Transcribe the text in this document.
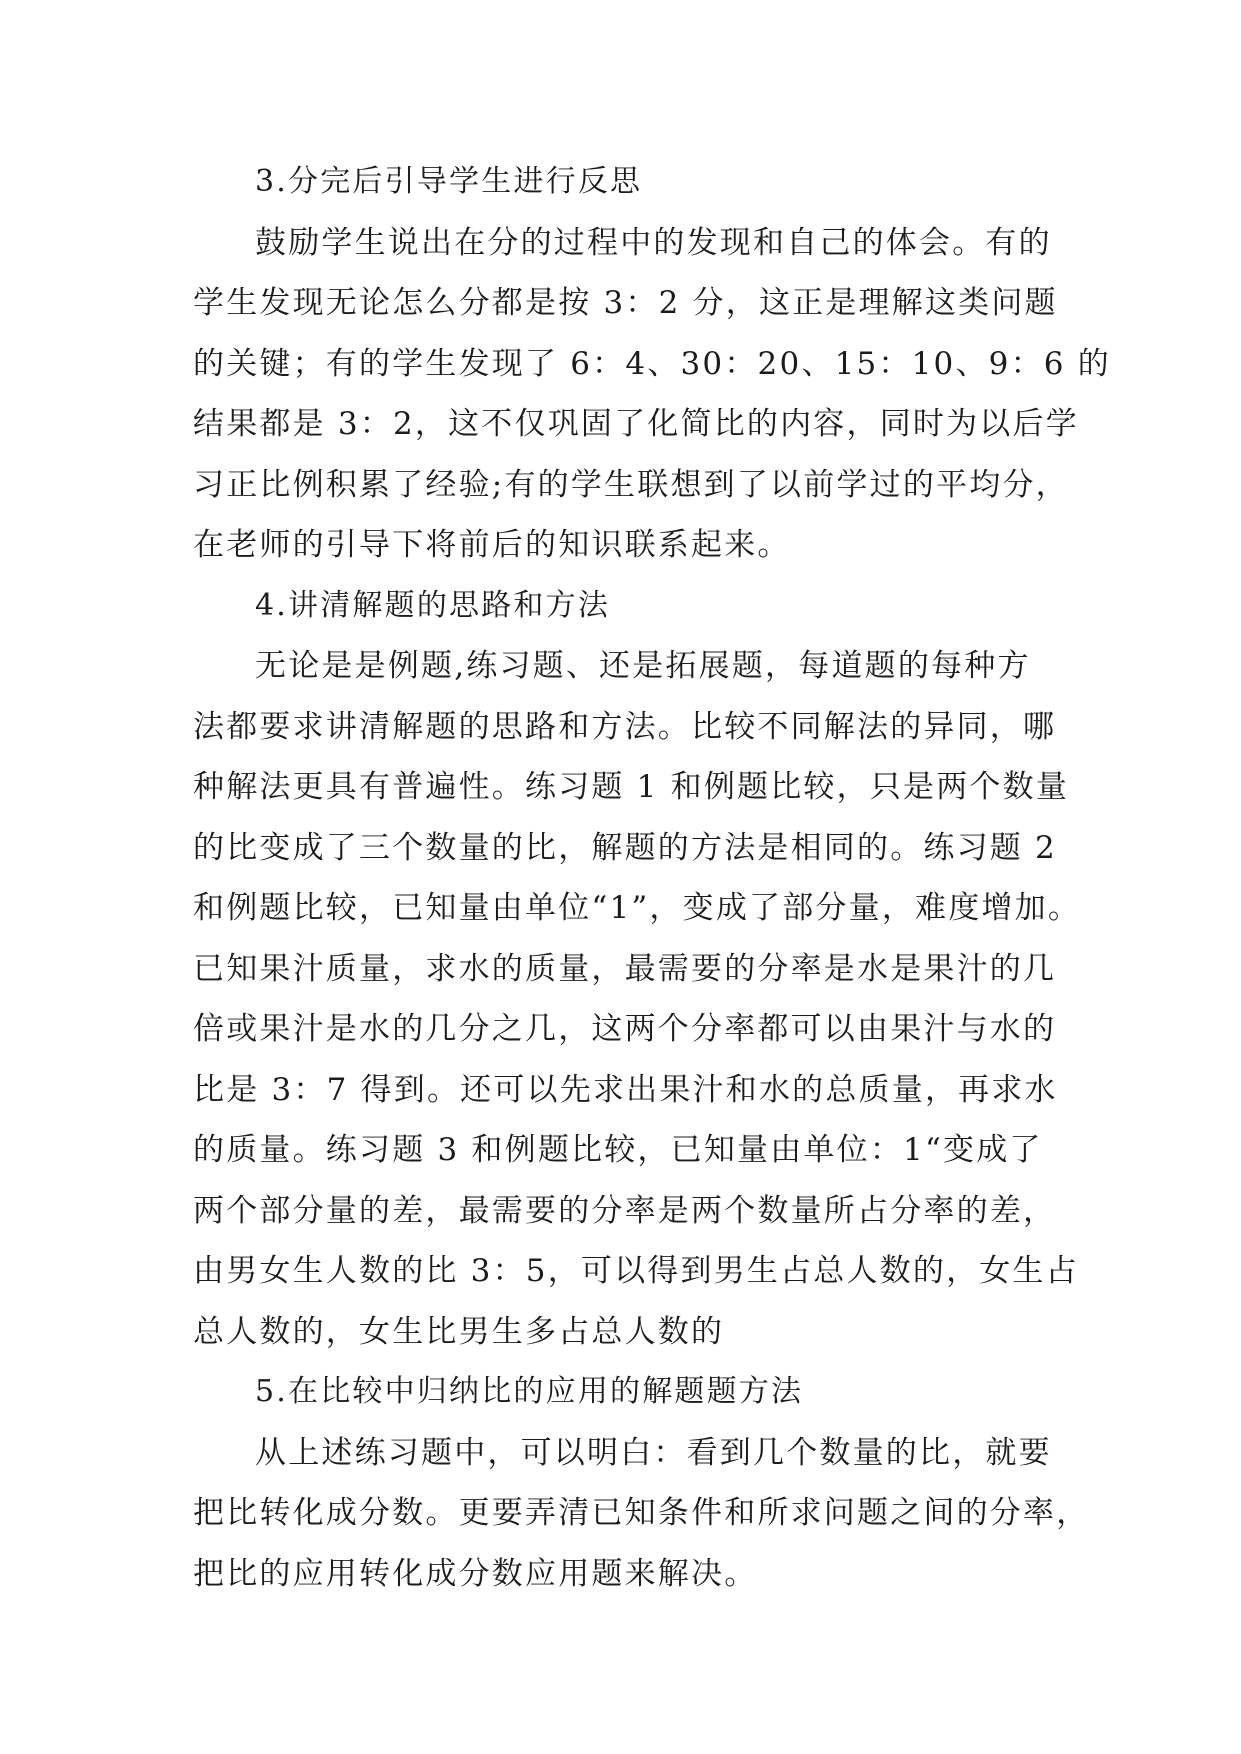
3.分完后引导学生进行反思
鼓励学生说出在分的过程中的发现和自己的体会。有的
学生发现无论怎么分都是按 3：2 分，这正是理解这类问题
的关键；有的学生发现了 6：4、30：20、15：10、9：6 的
结果都是 3：2，这不仅巩固了化简比的内容，同时为以后学
习正比例积累了经验;有的学生联想到了以前学过的平均分，
在老师的引导下将前后的知识联系起来。
4.讲清解题的思路和方法
无论是是例题,练习题、还是拓展题，每道题的每种方
法都要求讲清解题的思路和方法。比较不同解法的异同，哪
种解法更具有普遍性。练习题 1 和例题比较，只是两个数量
的比变成了三个数量的比，解题的方法是相同的。练习题 2
和例题比较，已知量由单位“1”，变成了部分量，难度增加。
已知果汁质量，求水的质量，最需要的分率是水是果汁的几
倍或果汁是水的几分之几，这两个分率都可以由果汁与水的
比是 3：7 得到。还可以先求出果汁和水的总质量，再求水
的质量。练习题 3 和例题比较，已知量由单位：1“变成了
两个部分量的差，最需要的分率是两个数量所占分率的差，
由男女生人数的比 3：5，可以得到男生占总人数的，女生占
总人数的，女生比男生多占总人数的
5.在比较中归纳比的应用的解题题方法
从上述练习题中，可以明白：看到几个数量的比，就要
把比转化成分数。更要弄清已知条件和所求问题之间的分率，
把比的应用转化成分数应用题来解决。
